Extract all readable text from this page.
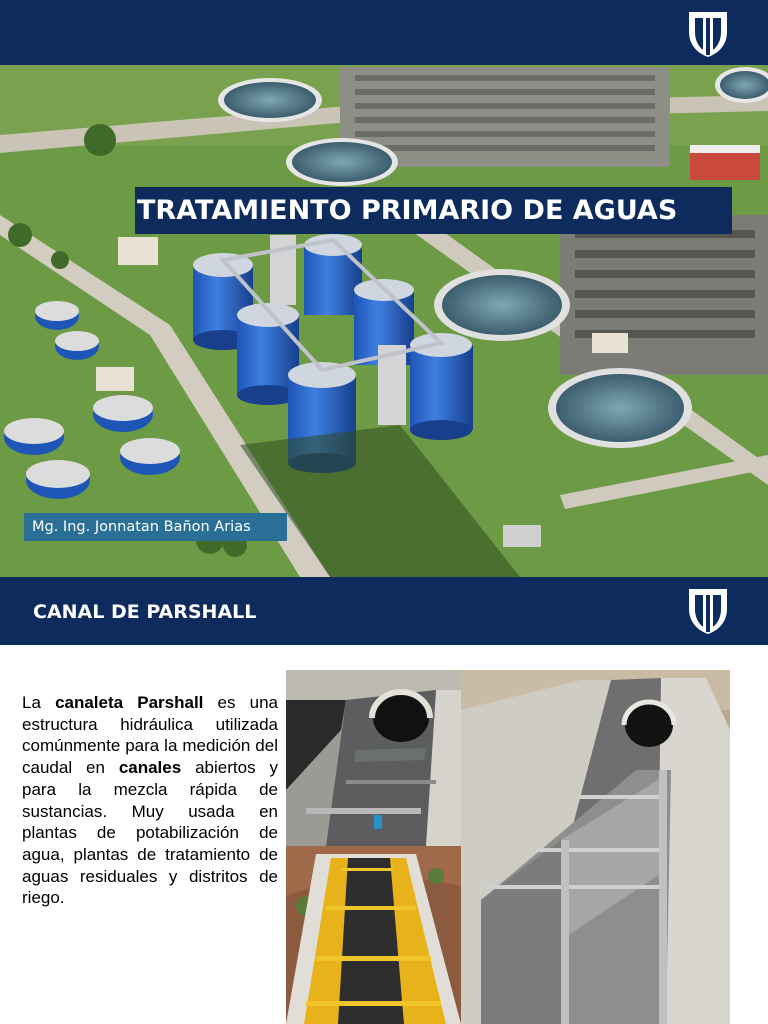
TRATAMIENTO PRIMARIO DE AGUAS
Mg. Ing. Jonnatan Bañon Arias
CANAL DE PARSHALL

La canaleta Parshall es una estructura hidráulica utilizada comúnmente para la medición del caudal en canales abiertos y para la mezcla rápida de sustancias. Muy usada en plantas de potabilización de agua, plantas de tratamiento de aguas residuales y distritos de riego.
